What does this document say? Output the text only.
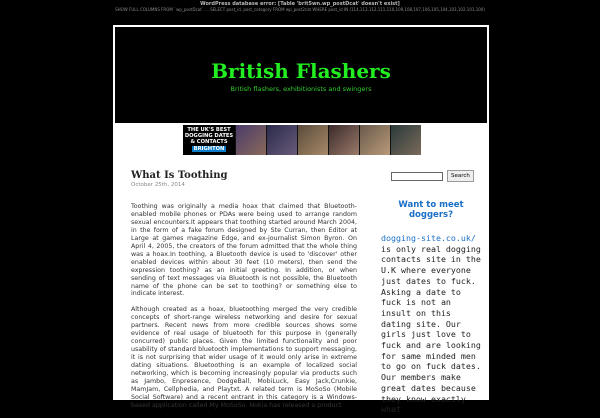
WordPress database error: [Table 'brit5wn.wp_postDcat' doesn't exist]
SHOW FULL COLUMNS FROM `wp_postDcat` ... SELECT post_id, post_category FROM wp_post2cat WHERE post_id IN (114,113,112,111,110,109,108,107,106,105,104,103,102,101,100)
British Flashers
British flashers, exhibitionists and swingers
THE UK'S BEST
DOGGING DATES
& CONTACTS
BRIGHTON
What Is Toothing
October 25th, 2014

Toothing was originally a media hoax that claimed that Bluetooth-enabled mobile phones or PDAs were being used to arrange random sexual encounters.It appears that toothing started around March 2004, in the form of a fake forum designed by Ste Curran, then Editor at Large at games magazine Edge, and ex-journalist Simon Byron. On April 4, 2005, the creators of the forum admitted that the whole thing was a hoax.In toothing, a Bluetooth device is used to 'discover' other enabled devices within about 30 feet (10 meters), then send the expression toothing? as an initial greeting. In addition, or when sending of text messages via Bluetooth is not possible, the Bluetooth name of the phone can be set to toothing? or something else to indicate interest.

Although created as a hoax, bluetoothing merged the very credible concepts of short-range wireless networking and desire for sexual partners. Recent news from more credible sources shows some evidence of real usage of bluetooth for this purpose in (generally concurred) public places. Given the limited functionality and poor usability of standard bluetooth implementations to support messaging, it is not surprising that wider usage of it would only arise in extreme dating situations. Bluetoothing is an example of localized social networking, which is becoming increasingly popular via products such as Jambo, Enpresence, DodgeBall, MobiLuck, Easy Jack,Crunkie, MamJam, Cellphedia, and Playtxt. A related term is MoSoSo (Mobile Social Software) and a recent entrant in this category is a Windows-based application called My MoSoSo. Nokia has released a product

Search
Want to meet
doggers?
dogging-site.co.uk/ is only real dogging contacts site in the U.K where everyone just dates to fuck. Asking a date to fuck is not an insult on this dating site. Our girls just love to fuck and are looking for same minded men to go on fuck dates. Our members make great dates because they know exactly what
